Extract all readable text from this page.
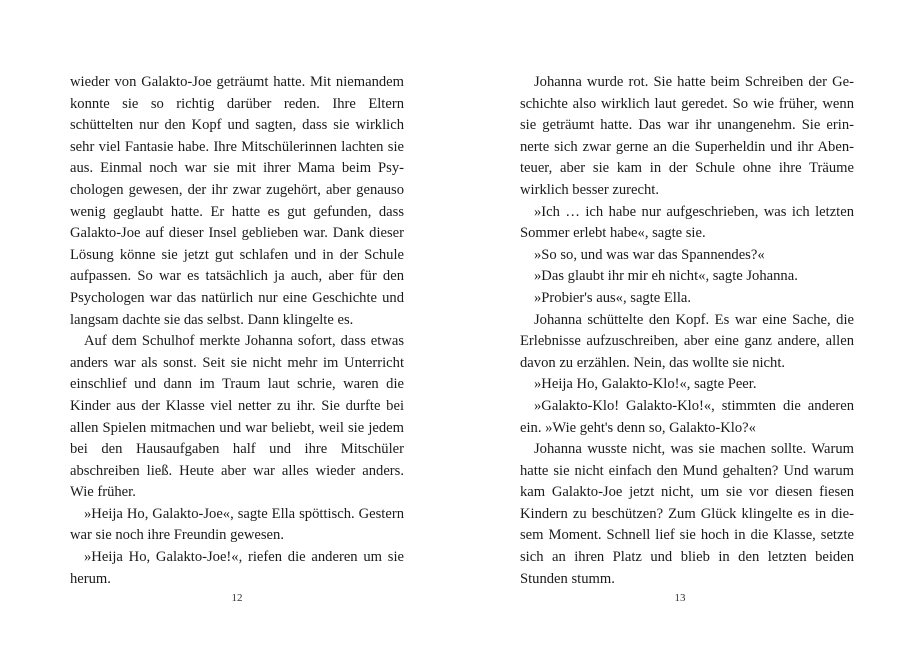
wieder von Galakto-Joe geträumt hatte. Mit niemandem konnte sie so richtig darüber reden. Ihre Eltern schüttelten nur den Kopf und sagten, dass sie wirklich sehr viel Fantasie habe. Ihre Mitschülerinnen lachten sie aus. Einmal noch war sie mit ihrer Mama beim Psychologen gewesen, der ihr zwar zugehört, aber genauso wenig geglaubt hatte. Er hatte es gut gefunden, dass Galakto-Joe auf dieser Insel geblieben war. Dank dieser Lösung könne sie jetzt gut schlafen und in der Schule aufpassen. So war es tatsächlich ja auch, aber für den Psychologen war das natürlich nur eine Geschichte und langsam dachte sie das selbst. Dann klingelte es.

Auf dem Schulhof merkte Johanna sofort, dass etwas anders war als sonst. Seit sie nicht mehr im Unterricht einschlief und dann im Traum laut schrie, waren die Kinder aus der Klasse viel netter zu ihr. Sie durfte bei allen Spielen mitmachen und war beliebt, weil sie jedem bei den Hausaufgaben half und ihre Mitschüler abschreiben ließ. Heute aber war alles wieder anders. Wie früher.

»Heija Ho, Galakto-Joe«, sagte Ella spöttisch. Gestern war sie noch ihre Freundin gewesen.

»Heija Ho, Galakto-Joe!«, riefen die anderen um sie herum.

12

Johanna wurde rot. Sie hatte beim Schreiben der Geschichte also wirklich laut geredet. So wie früher, wenn sie geträumt hatte. Das war ihr unangenehm. Sie erinnerte sich zwar gerne an die Superheldin und ihr Abenteuer, aber sie kam in der Schule ohne ihre Träume wirklich besser zurecht.

»Ich … ich habe nur aufgeschrieben, was ich letzten Sommer erlebt habe«, sagte sie.

»So so, und was war das Spannendes?«

»Das glaubt ihr mir eh nicht«, sagte Johanna.

»Probier's aus«, sagte Ella.

Johanna schüttelte den Kopf. Es war eine Sache, die Erlebnisse aufzuschreiben, aber eine ganz andere, allen davon zu erzählen. Nein, das wollte sie nicht.

»Heija Ho, Galakto-Klo!«, sagte Peer.

»Galakto-Klo! Galakto-Klo!«, stimmten die anderen ein. »Wie geht's denn so, Galakto-Klo?«

Johanna wusste nicht, was sie machen sollte. Warum hatte sie nicht einfach den Mund gehalten? Und warum kam Galakto-Joe jetzt nicht, um sie vor diesen fiesen Kindern zu beschützen? Zum Glück klingelte es in diesem Moment. Schnell lief sie hoch in die Klasse, setzte sich an ihren Platz und blieb in den letzten beiden Stunden stumm.

13
